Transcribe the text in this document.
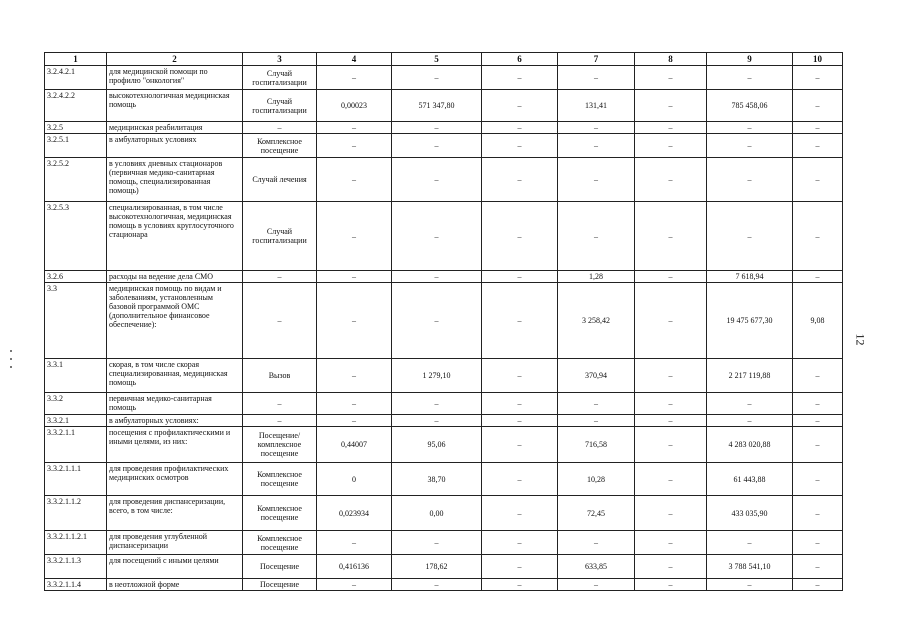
12
1	2	3	4	5	6	7	8	9	10
3.2.4.2.1	для медицинской помощи по профилю "онкология"	Случай госпитализации	–	–	–	–	–	–	–
3.2.4.2.2	высокотехнологичная медицинская помощь	Случай госпитализации	0,00023	571 347,80	–	131,41	–	785 458,06	–
3.2.5	медицинская реабилитация	–	–	–	–	–	–	–	–
3.2.5.1	в амбулаторных условиях	Комплексное посещение	–	–	–	–	–	–	–
3.2.5.2	в условиях дневных стационаров (первичная медико-санитарная помощь, специализированная помощь)	Случай лечения	–	–	–	–	–	–	–
3.2.5.3	специализированная, в том числе высокотехнологичная, медицинская помощь в условиях круглосуточного стационара	Случай госпитализации	–	–	–	–	–	–	–
3.2.6	расходы на ведение дела СМО	–	–	–	–	1,28	–	7 618,94	–
3.3	медицинская помощь по видам и заболеваниям, установленным базовой программой ОМС (дополнительное финансовое обеспечение):	–	–	–	–	3 258,42	–	19 475 677,30	9,08
3.3.1	скорая, в том числе скорая специализированная, медицинская помощь	Вызов	–	1 279,10	–	370,94	–	2 217 119,88	–
3.3.2	первичная медико-санитарная помощь	–	–	–	–	–	–	–	–
3.3.2.1	в амбулаторных условиях:	–	–	–	–	–	–	–	–
3.3.2.1.1	посещения с профилактическими и иными целями, из них:	Посещение/ комплексное посещение	0,44007	95,06	–	716,58	–	4 283 020,88	–
3.3.2.1.1.1	для проведения профилактических медицинских осмотров	Комплексное посещение	0	38,70	–	10,28	–	61 443,88	–
3.3.2.1.1.2	для проведения диспансеризации, всего, в том числе:	Комплексное посещение	0,023934	0,00	–	72,45	–	433 035,90	–
3.3.2.1.1.2.1	для проведения углубленной диспансеризации	Комплексное посещение	–	–	–	–	–	–	–
3.3.2.1.1.3	для посещений с иными целями	Посещение	0,416136	178,62	–	633,85	–	3 788 541,10	–
3.3.2.1.1.4	в неотложной форме	Посещение	–	–	–	–	–	–	–
